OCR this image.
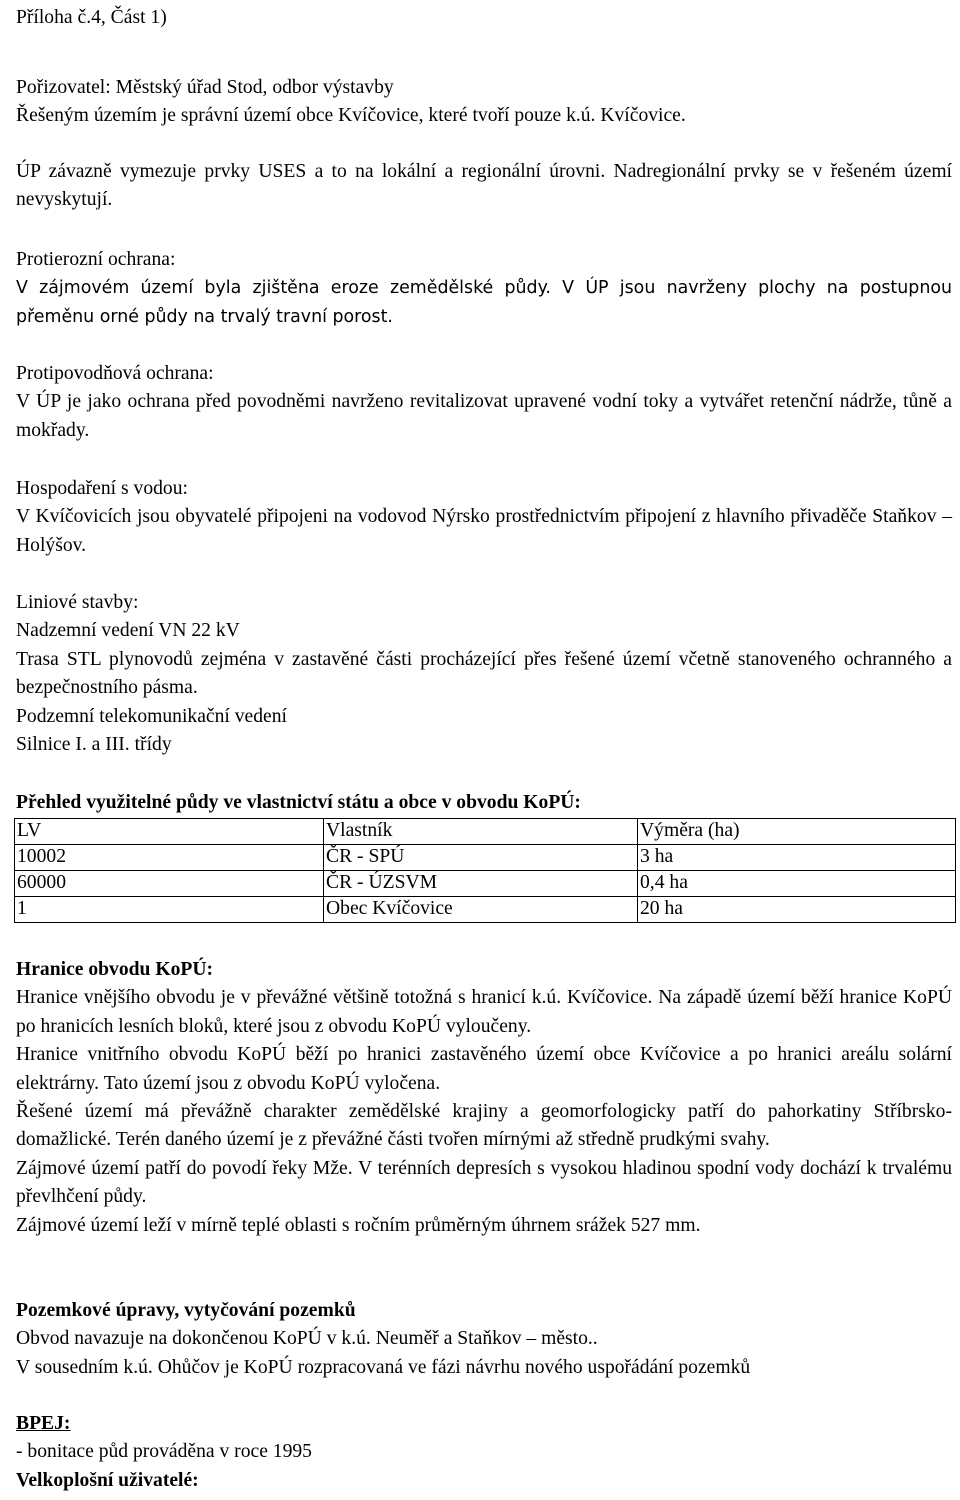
Příloha č.4, Část 1)
Pořizovatel: Městský úřad Stod, odbor výstavby
Řešeným územím je správní území obce Kvíčovice, které tvoří pouze k.ú. Kvíčovice.
ÚP závazně vymezuje prvky USES a to na lokální a regionální úrovni. Nadregionální prvky se v řešeném území nevyskytují.
Protierozní ochrana:
V zájmovém území byla zjištěna eroze zemědělské půdy. V ÚP jsou navrženy plochy na postupnou přeměnu orné půdy na trvalý travní porost.
Protipovodňová ochrana:
V ÚP je jako ochrana před povodněmi navrženo revitalizovat upravené vodní toky a vytvářet retenční nádrže, tůně a mokřady.
Hospodaření s vodou:
V Kvíčovicích jsou obyvatelé připojeni na vodovod Nýrsko prostřednictvím připojení z hlavního přivaděče Staňkov – Holýšov.
Liniové stavby:
Nadzemní vedení VN 22 kV
Trasa STL plynovodů zejména v zastavěné části procházející přes řešené území včetně stanoveného ochranného a bezpečnostního pásma.
Podzemní telekomunikační vedení
Silnice I. a III. třídy
Přehled využitelné půdy ve vlastnictví státu a obce v obvodu KoPÚ:
LV	Vlastník	Výměra (ha)
10002	ČR - SPÚ	3 ha
60000	ČR - ÚZSVM	0,4 ha
1	Obec Kvíčovice	20 ha
Hranice obvodu KoPÚ:
Hranice vnějšího obvodu je v převážné většině totožná s hranicí k.ú. Kvíčovice. Na západě území běží hranice KoPÚ po hranicích lesních bloků, které jsou z obvodu KoPÚ vyloučeny.
Hranice vnitřního obvodu KoPÚ běží po hranici zastavěného území obce Kvíčovice a po hranici areálu solární elektrárny. Tato území jsou z obvodu KoPÚ vyločena.
Řešené území má převážně charakter zemědělské krajiny a geomorfologicky patří do pahorkatiny Stříbrsko-domažlické. Terén daného území je z převážné části tvořen mírnými až středně prudkými svahy.
Zájmové území patří do povodí řeky Mže. V terénních depresích s vysokou hladinou spodní vody dochází k trvalému převlhčení půdy.
Zájmové území leží v mírně teplé oblasti s ročním průměrným úhrnem srážek 527 mm.
Pozemkové úpravy, vytyčování pozemků
Obvod navazuje na dokončenou KoPÚ v k.ú. Neuměř a Staňkov – město..
V sousedním k.ú. Ohůčov je KoPÚ rozpracovaná ve fázi návrhu nového uspořádání pozemků
BPEJ:
- bonitace půd prováděna v roce 1995
Velkoplošní uživatelé:
